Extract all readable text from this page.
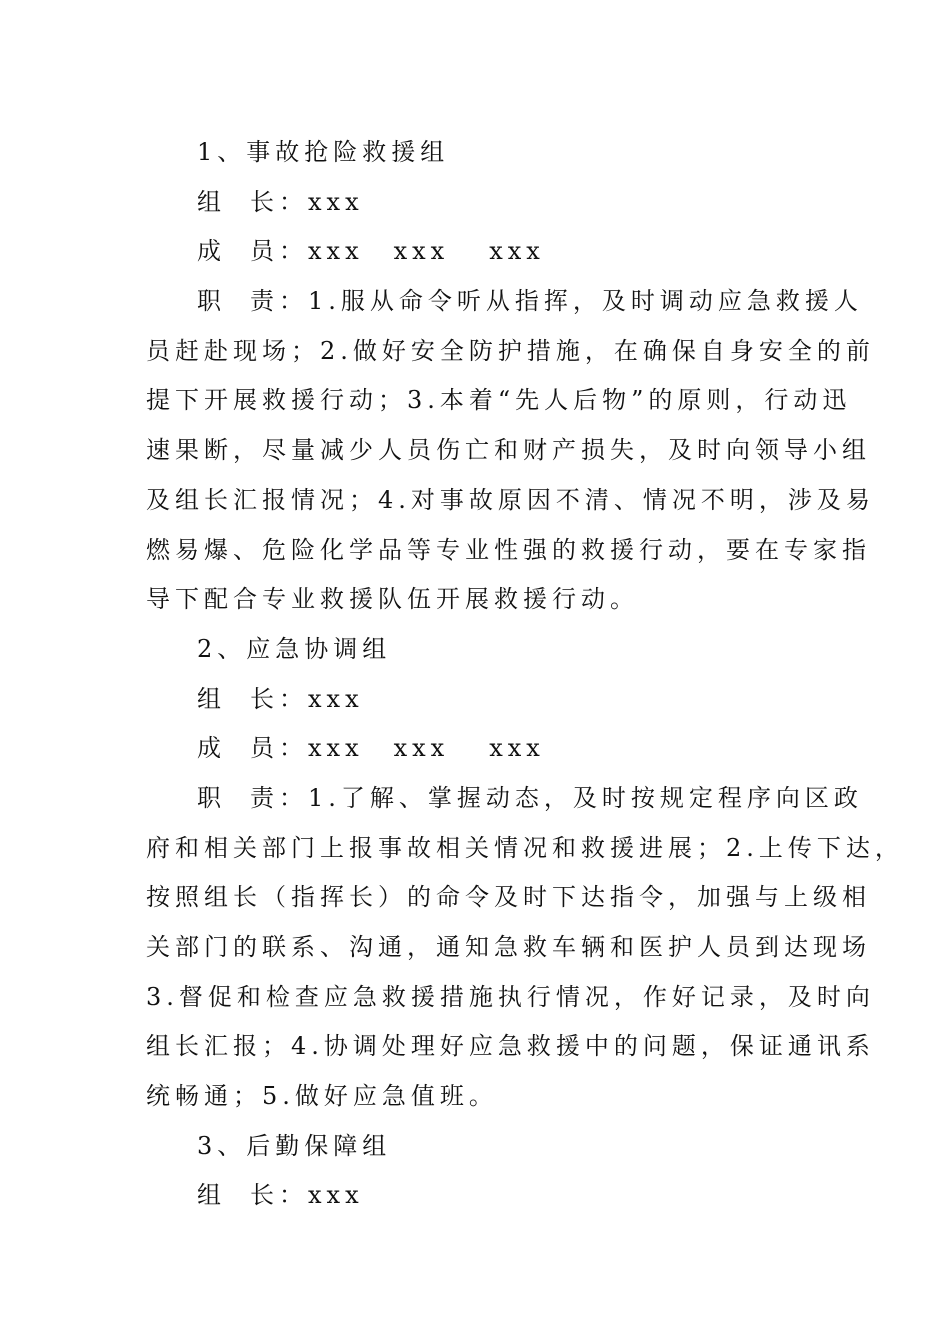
1、事故抢险救援组
组 长：xxx
成 员：xxx xxx xxx
职 责：1.服从命令听从指挥，及时调动应急救援人
员赶赴现场；2.做好安全防护措施，在确保自身安全的前
提下开展救援行动；3.本着“先人后物”的原则，行动迅
速果断，尽量减少人员伤亡和财产损失，及时向领导小组
及组长汇报情况；4.对事故原因不清、情况不明，涉及易
燃易爆、危险化学品等专业性强的救援行动，要在专家指
导下配合专业救援队伍开展救援行动。
2、应急协调组
组 长：xxx
成 员：xxx xxx xxx
职 责：1.了解、掌握动态，及时按规定程序向区政
府和相关部门上报事故相关情况和救援进展；2.上传下达，
按照组长（指挥长）的命令及时下达指令，加强与上级相
关部门的联系、沟通，通知急救车辆和医护人员到达现场
3.督促和检查应急救援措施执行情况，作好记录，及时向
组长汇报；4.协调处理好应急救援中的问题，保证通讯系
统畅通；5.做好应急值班。
3、后勤保障组
组 长：xxx
